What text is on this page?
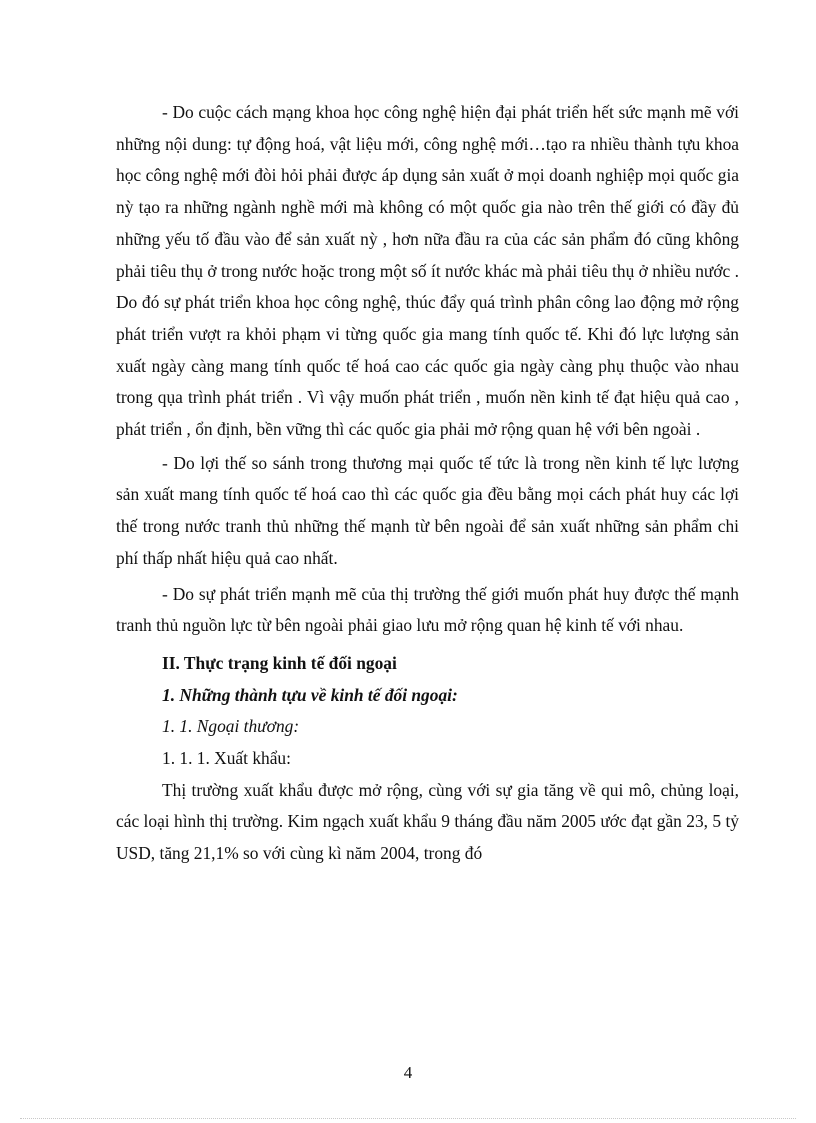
- Do cuộc cách mạng khoa học công nghệ hiện đại phát triển hết sức mạnh mẽ với những nội dung: tự động hoá, vật liệu mới, công nghệ mới…tạo ra nhiều thành tựu khoa học công nghệ mới đòi hỏi phải được áp dụng sản xuất ở mọi doanh nghiệp mọi quốc gia nỳ tạo ra những ngành nghề mới mà không có một quốc gia nào trên thế giới có đầy đủ những yếu tố đầu vào để sản xuất nỳ , hơn nữa đầu ra của các sản phẩm đó cũng không phải tiêu thụ ở trong nước hoặc trong một số ít nước khác mà phải tiêu thụ ở nhiều nước . Do đó sự phát triển khoa học công nghệ, thúc đẩy quá trình phân công lao động mở rộng phát triển vượt ra khỏi phạm vi từng quốc gia mang tính quốc tế. Khi đó lực lượng sản xuất ngày càng mang tính quốc tế hoá cao các quốc gia ngày càng phụ thuộc vào nhau trong qụa trình phát triển . Vì vậy muốn phát triển , muốn nền kinh tế đạt hiệu quả cao , phát triển , ổn định, bền vững thì các quốc gia phải mở rộng quan hệ với bên ngoài .

- Do lợi thế so sánh trong thương mại quốc tế tức là trong nền kinh tế lực lượng sản xuất mang tính quốc tế hoá cao thì các quốc gia đều bằng mọi cách phát huy các lợi thế trong nước tranh thủ những thế mạnh từ bên ngoài để sản xuất những sản phẩm chi phí thấp nhất hiệu quả cao nhất.

- Do sự phát triển mạnh mẽ của thị trường thế giới muốn phát huy được thế mạnh tranh thủ nguồn lực từ bên ngoài phải giao lưu mở rộng quan hệ kinh tế với nhau.

II. Thực trạng kinh tế đối ngoại

1. Những thành tựu về kinh tế đối ngoại:

1. 1. Ngoại thương:

1. 1. 1. Xuất khẩu:

Thị trường xuất khẩu được mở rộng, cùng với sự gia tăng về qui mô, chủng loại, các loại hình thị trường. Kim ngạch xuất khẩu 9 tháng đầu năm 2005 ước đạt gần 23, 5 tỷ USD, tăng 21,1% so với cùng kì năm 2004, trong đó

4
